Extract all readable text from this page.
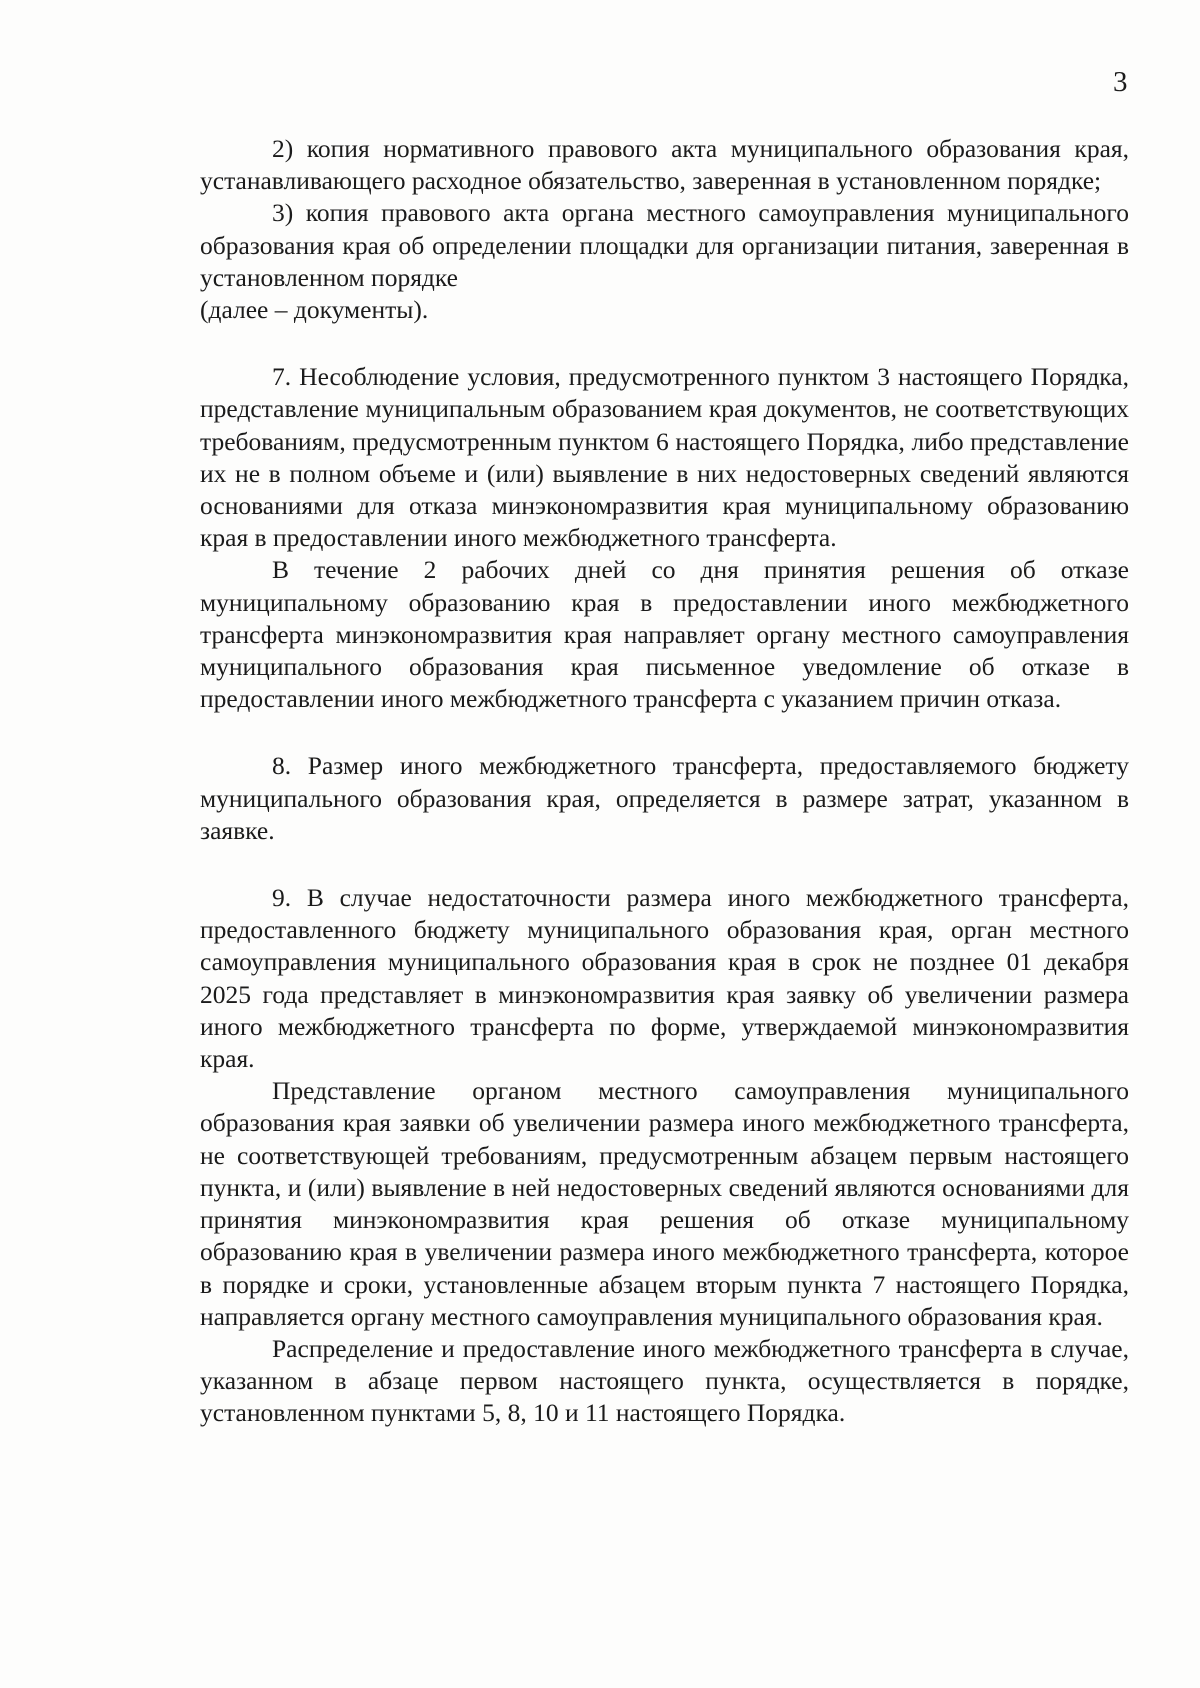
3

2) копия нормативного правового акта муниципального образования края, устанавливающего расходное обязательство, заверенная в установленном порядке;

3) копия правового акта органа местного самоуправления муниципального образования края об определении площадки для организации питания, заверенная в установленном порядке

(далее – документы).

7. Несоблюдение условия, предусмотренного пунктом 3 настоящего Порядка, представление муниципальным образованием края документов, не соответствующих требованиям, предусмотренным пунктом 6 настоящего Порядка, либо представление их не в полном объеме и (или) выявление в них недостоверных сведений являются основаниями для отказа минэкономразвития края муниципальному образованию края в предоставлении иного межбюджетного трансферта.

В течение 2 рабочих дней со дня принятия решения об отказе муниципальному образованию края в предоставлении иного межбюджетного трансферта минэкономразвития края направляет органу местного самоуправления муниципального образования края письменное уведомление об отказе в предоставлении иного межбюджетного трансферта с указанием причин отказа.

8. Размер иного межбюджетного трансферта, предоставляемого бюджету муниципального образования края, определяется в размере затрат, указанном в заявке.

9. В случае недостаточности размера иного межбюджетного трансферта, предоставленного бюджету муниципального образования края, орган местного самоуправления муниципального образования края в срок не позднее 01 декабря 2025 года представляет в минэкономразвития края заявку об увеличении размера иного межбюджетного трансферта по форме, утверждаемой минэкономразвития края.

Представление органом местного самоуправления муниципального образования края заявки об увеличении размера иного межбюджетного трансферта, не соответствующей требованиям, предусмотренным абзацем первым настоящего пункта, и (или) выявление в ней недостоверных сведений являются основаниями для принятия минэкономразвития края решения об отказе муниципальному образованию края в увеличении размера иного межбюджетного трансферта, которое в порядке и сроки, установленные абзацем вторым пункта 7 настоящего Порядка, направляется органу местного самоуправления муниципального образования края.

Распределение и предоставление иного межбюджетного трансферта в случае, указанном в абзаце первом настоящего пункта, осуществляется в порядке, установленном пунктами 5, 8, 10 и 11 настоящего Порядка.
